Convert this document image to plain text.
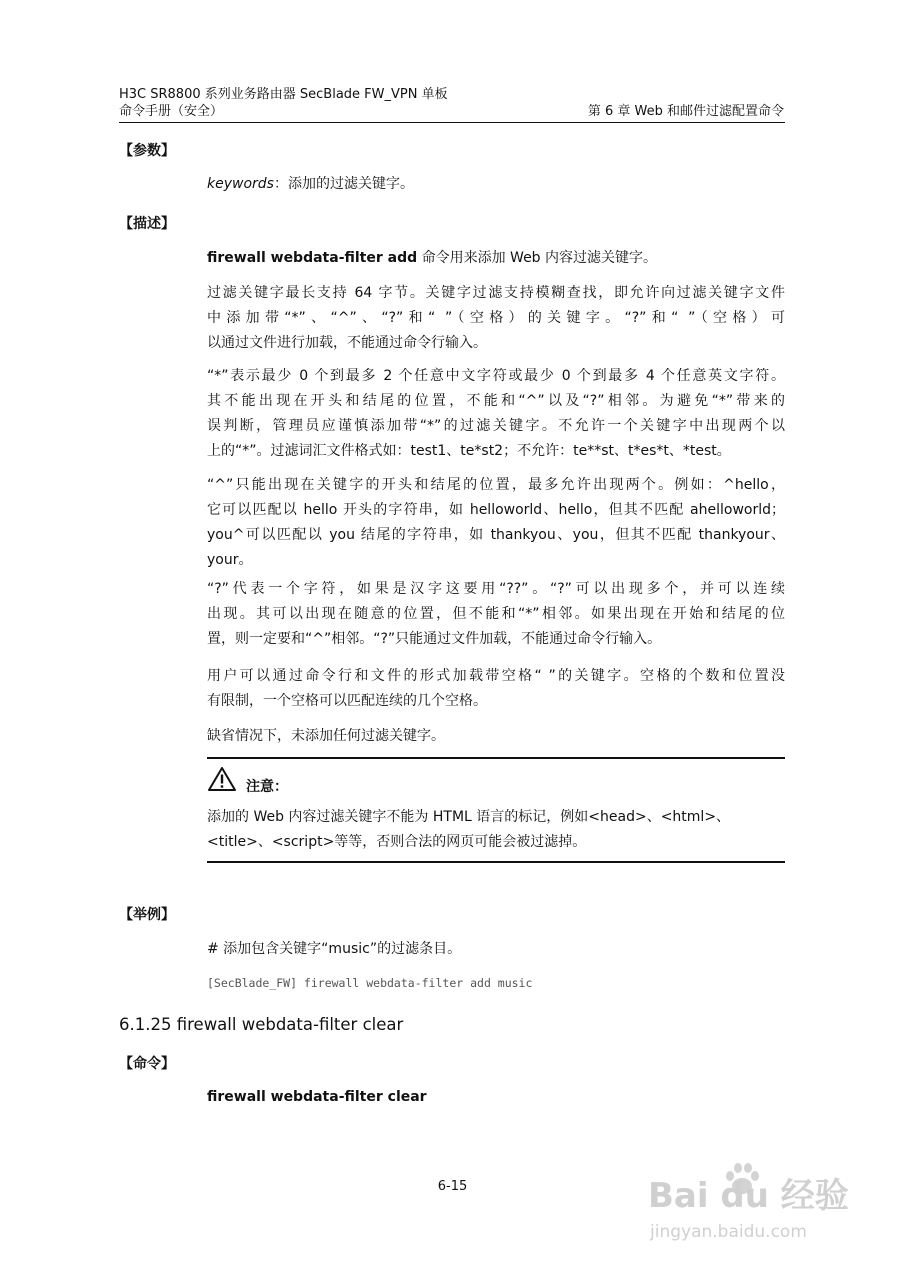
H3C SR8800 系列业务路由器 SecBlade FW_VPN 单板
命令手册（安全）	第 6 章 Web 和邮件过滤配置命令
【参数】
keywords：添加的过滤关键字。
【描述】
firewall webdata-filter add 命令用来添加 Web 内容过滤关键字。
过滤关键字最长支持 64 字节。关键字过滤支持模糊查找，即允许向过滤关键字文件
中添加带“*”、“^”、“?”和“ ”（空格）的关键字。“?”和“ ”（空格）可
以通过文件进行加载，不能通过命令行输入。
“*”表示最少 0 个到最多 2 个任意中文字符或最少 0 个到最多 4 个任意英文字符。
其不能出现在开头和结尾的位置，不能和“^”以及“?”相邻。为避免“*”带来的
误判断，管理员应谨慎添加带“*”的过滤关键字。不允许一个关键字中出现两个以
上的“*”。过滤词汇文件格式如：test1、te*st2；不允许：te**st、t*es*t、*test。
“^”只能出现在关键字的开头和结尾的位置，最多允许出现两个。例如：^hello，
它可以匹配以 hello 开头的字符串，如 helloworld、hello，但其不匹配 ahelloworld；
you^可以匹配以 you 结尾的字符串，如 thankyou、you，但其不匹配 thankyour、
your。
“?”代表一个字符，如果是汉字这要用“??”。“?”可以出现多个，并可以连续
出现。其可以出现在随意的位置，但不能和“*”相邻。如果出现在开始和结尾的位
置，则一定要和“^”相邻。“?”只能通过文件加载，不能通过命令行输入。
用户可以通过命令行和文件的形式加载带空格“ ”的关键字。空格的个数和位置没
有限制，一个空格可以匹配连续的几个空格。
缺省情况下，未添加任何过滤关键字。
注意：
添加的 Web 内容过滤关键字不能为 HTML 语言的标记，例如<head>、<html>、
<title>、<script>等等，否则合法的网页可能会被过滤掉。
【举例】
# 添加包含关键字“music”的过滤条目。
[SecBlade_FW] firewall webdata-filter add music
6.1.25 firewall webdata-filter clear
【命令】
firewall webdata-filter clear
6-15	Bai du 经验
jingyan.baidu.com
